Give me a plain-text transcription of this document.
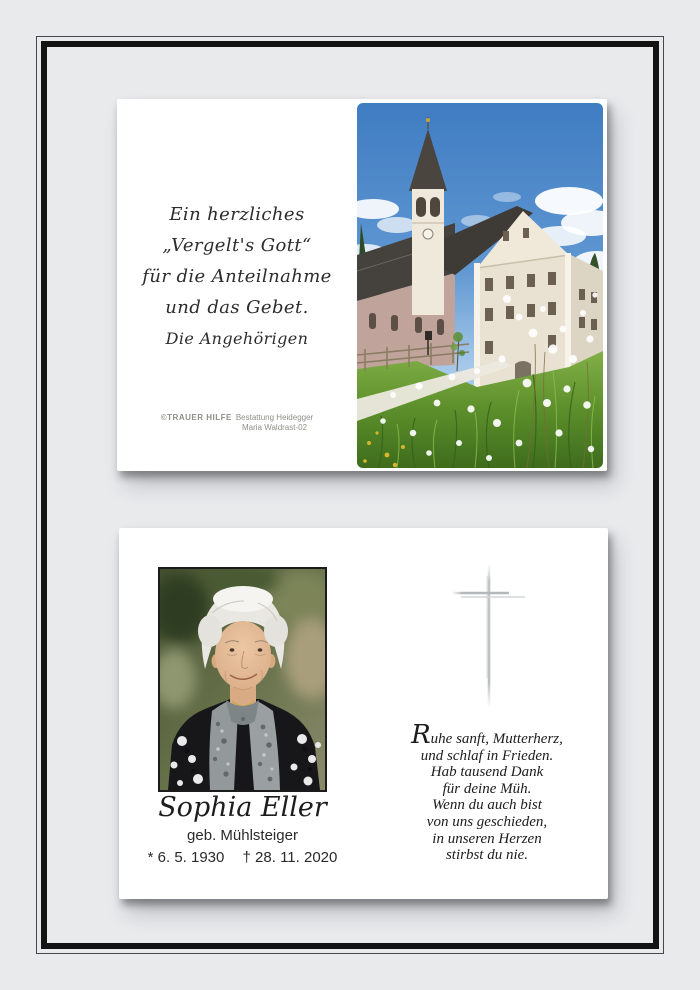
Ein herzliches
„Vergelt's Gott“
für die Anteilnahme
und das Gebet.
Die Angehörigen
©TRAUER HILFE Bestattung Heidegger
Maria Waldrast-02
Sophia Eller
geb. Mühlsteiger
* 6. 5. 1930 † 28. 11. 2020
Ruhe sanft, Mutterherz,
und schlaf in Frieden.
Hab tausend Dank
für deine Müh.
Wenn du auch bist
von uns geschieden,
in unseren Herzen
stirbst du nie.
